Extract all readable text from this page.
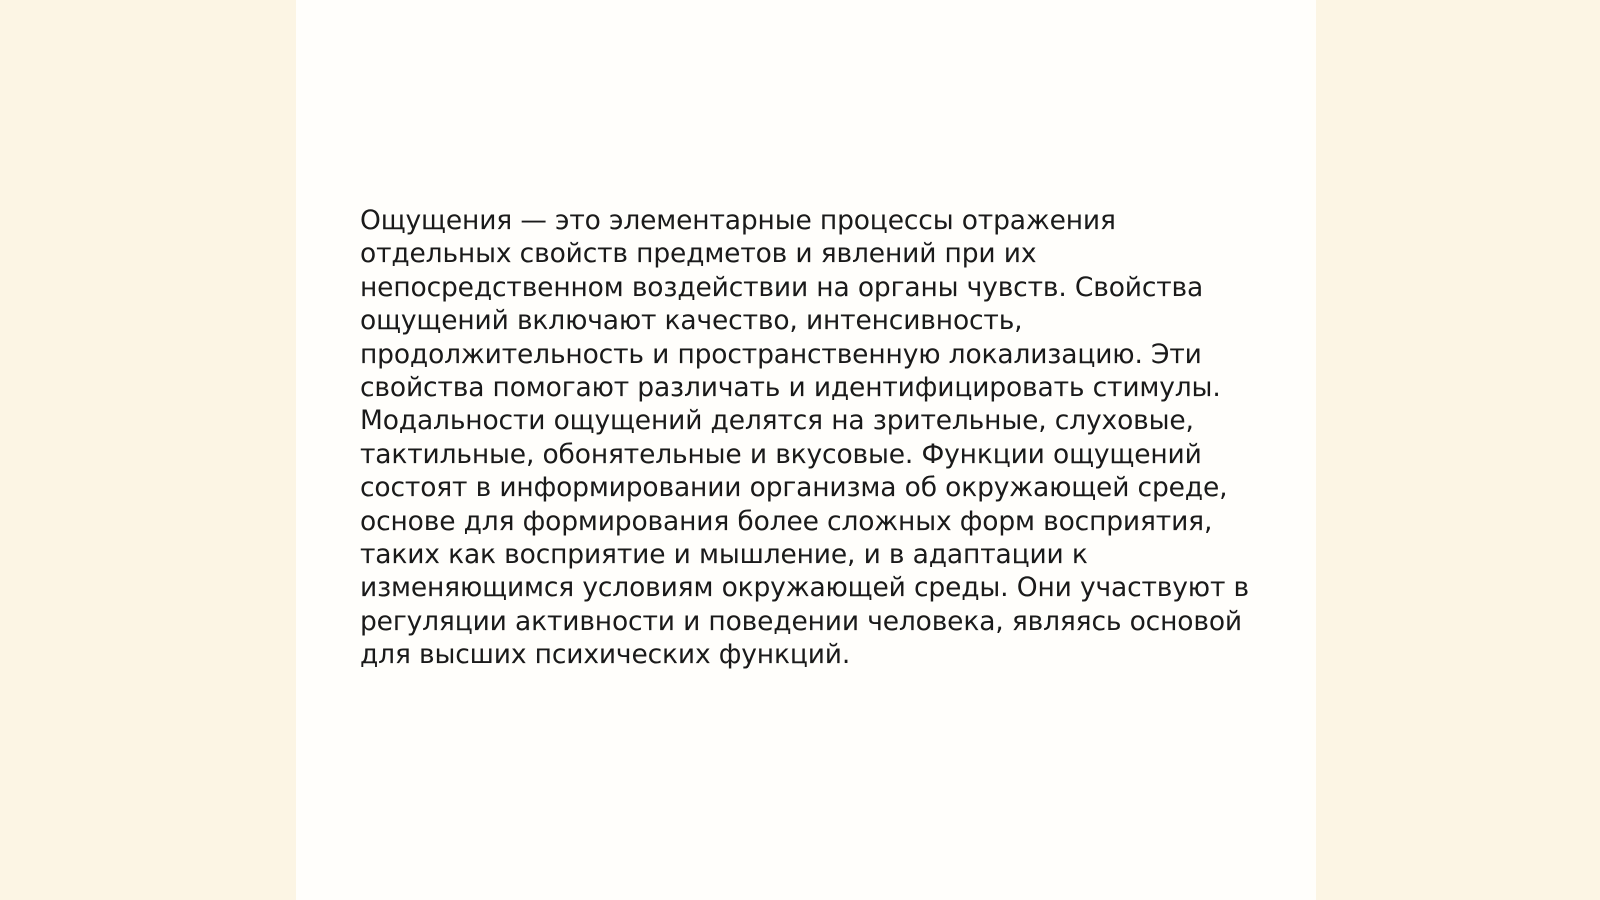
Ощущения — это элементарные процессы отражения
отдельных свойств предметов и явлений при их
непосредственном воздействии на органы чувств. Свойства
ощущений включают качество, интенсивность,
продолжительность и пространственную локализацию. Эти
свойства помогают различать и идентифицировать стимулы.
Модальности ощущений делятся на зрительные, слуховые,
тактильные, обонятельные и вкусовые. Функции ощущений
состоят в информировании организма об окружающей среде,
основе для формирования более сложных форм восприятия,
таких как восприятие и мышление, и в адаптации к
изменяющимся условиям окружающей среды. Они участвуют в
регуляции активности и поведении человека, являясь основой
для высших психических функций.
